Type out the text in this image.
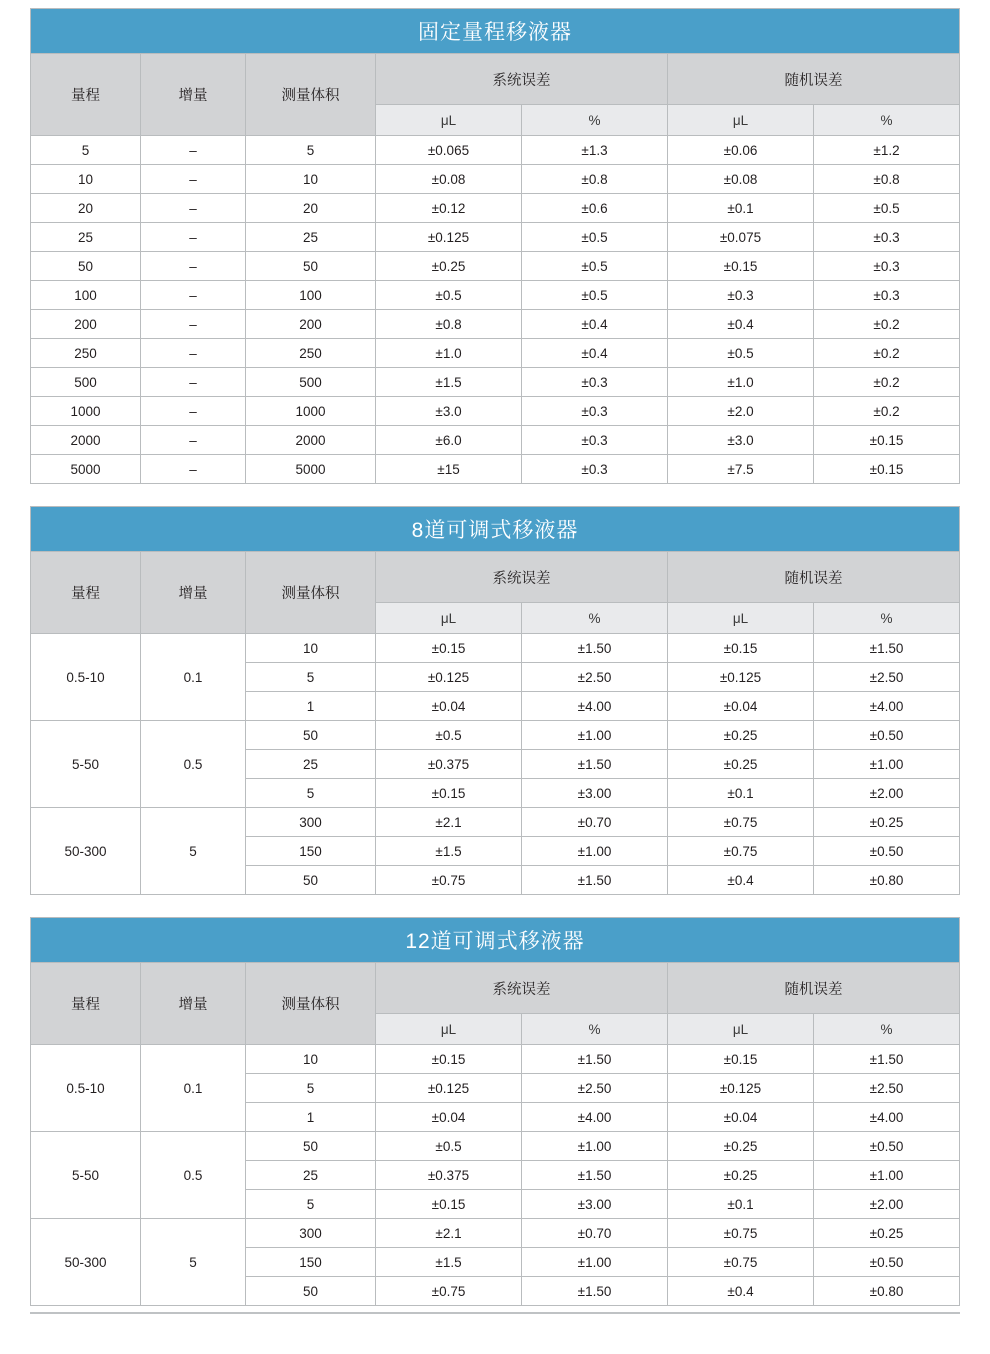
固定量程移液器						
量程	增量	测量体积	系统误差		随机误差	
			μL	%	μL	%
5	–	5	±0.065	±1.3	±0.06	±1.2
10	–	10	±0.08	±0.8	±0.08	±0.8
20	–	20	±0.12	±0.6	±0.1	±0.5
25	–	25	±0.125	±0.5	±0.075	±0.3
50	–	50	±0.25	±0.5	±0.15	±0.3
100	–	100	±0.5	±0.5	±0.3	±0.3
200	–	200	±0.8	±0.4	±0.4	±0.2
250	–	250	±1.0	±0.4	±0.5	±0.2
500	–	500	±1.5	±0.3	±1.0	±0.2
1000	–	1000	±3.0	±0.3	±2.0	±0.2
2000	–	2000	±6.0	±0.3	±3.0	±0.15
5000	–	5000	±15	±0.3	±7.5	±0.15
8道可调式移液器						
量程	增量	测量体积	系统误差		随机误差	
			μL	%	μL	%
0.5-10	0.1	10	±0.15	±1.50	±0.15	±1.50
		5	±0.125	±2.50	±0.125	±2.50
		1	±0.04	±4.00	±0.04	±4.00
5-50	0.5	50	±0.5	±1.00	±0.25	±0.50
		25	±0.375	±1.50	±0.25	±1.00
		5	±0.15	±3.00	±0.1	±2.00
50-300	5	300	±2.1	±0.70	±0.75	±0.25
		150	±1.5	±1.00	±0.75	±0.50
		50	±0.75	±1.50	±0.4	±0.80
12道可调式移液器						
量程	增量	测量体积	系统误差		随机误差	
			μL	%	μL	%
0.5-10	0.1	10	±0.15	±1.50	±0.15	±1.50
		5	±0.125	±2.50	±0.125	±2.50
		1	±0.04	±4.00	±0.04	±4.00
5-50	0.5	50	±0.5	±1.00	±0.25	±0.50
		25	±0.375	±1.50	±0.25	±1.00
		5	±0.15	±3.00	±0.1	±2.00
50-300	5	300	±2.1	±0.70	±0.75	±0.25
		150	±1.5	±1.00	±0.75	±0.50
		50	±0.75	±1.50	±0.4	±0.80
